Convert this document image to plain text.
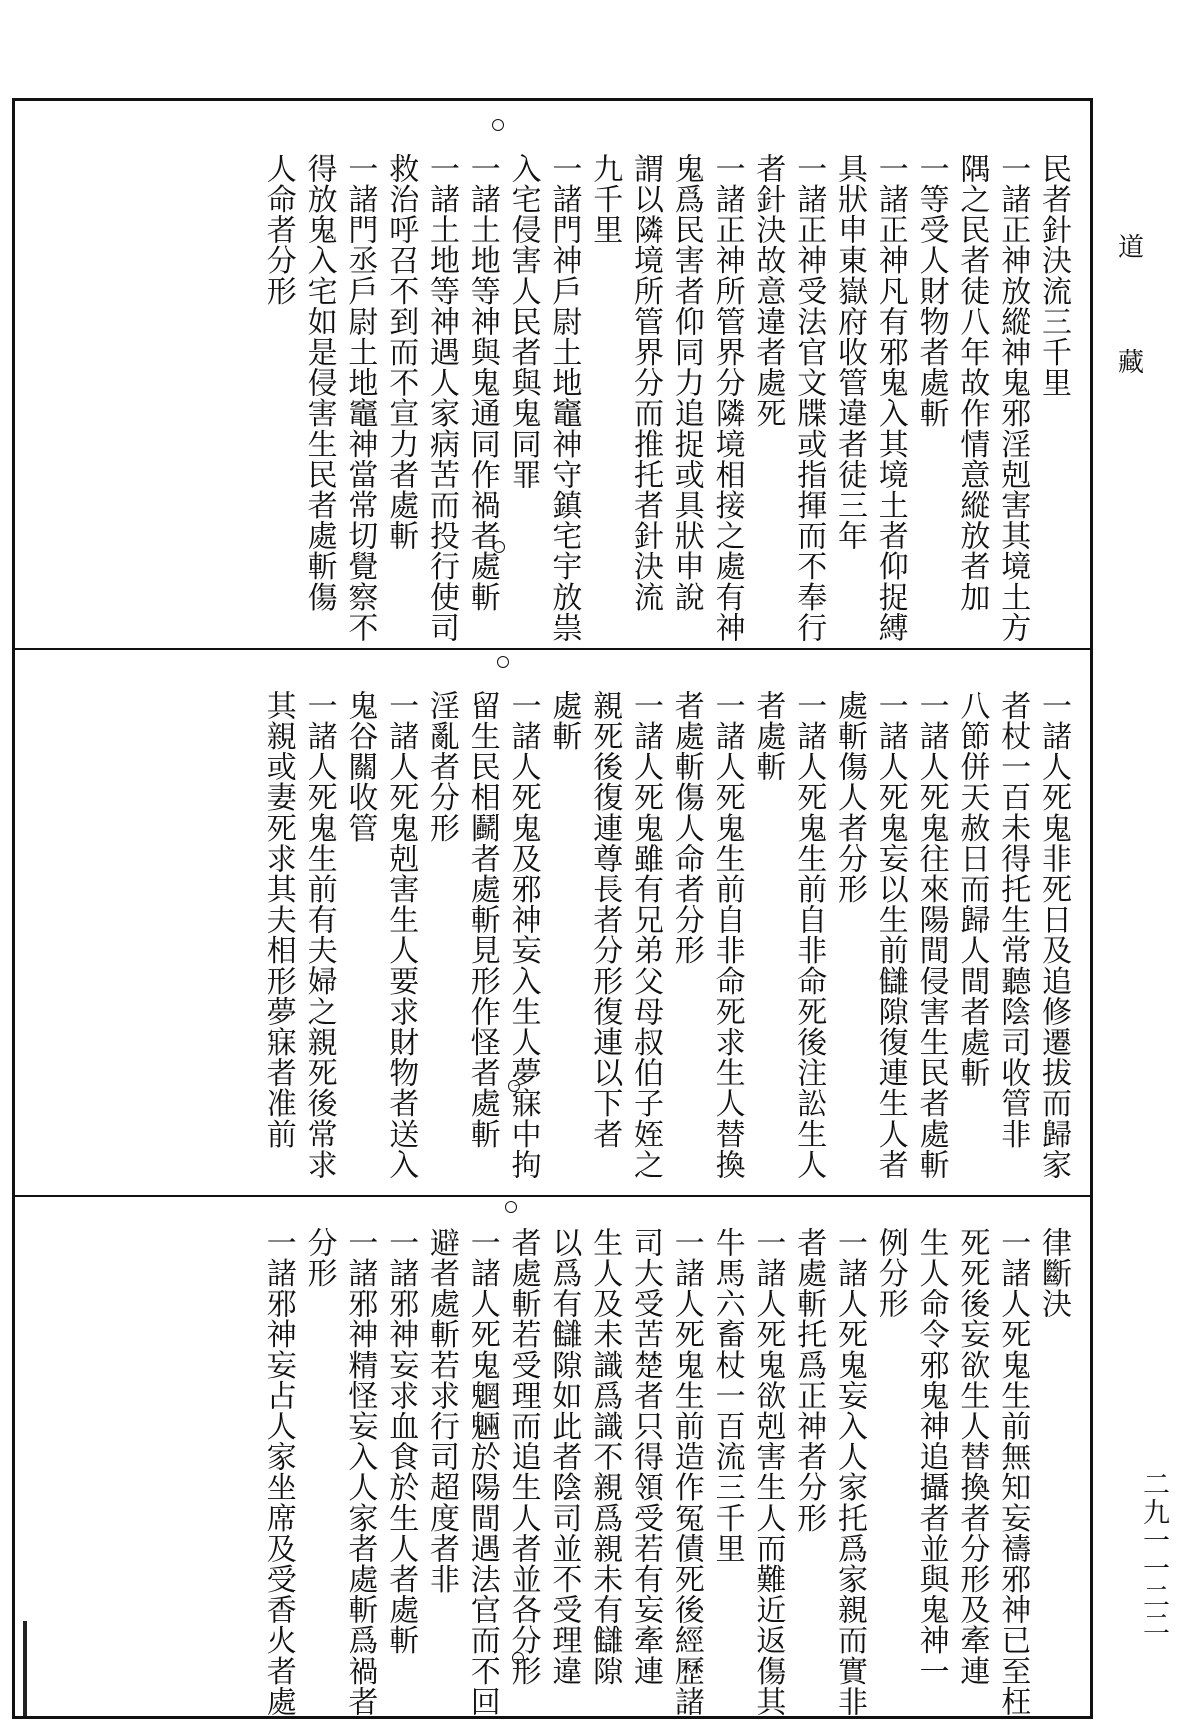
道
藏
二九一一二二
民者針決流三千里
一諸正神放縱神鬼邪淫剋害其境土方
隅之民者徒八年故作情意縱放者加
一等受人財物者處斬
一諸正神凡有邪鬼入其境土者仰捉縛
具狀申東嶽府收管違者徒三年
一諸正神受法官文牒或指揮而不奉行
者針決故意違者處死
一諸正神所管界分隣境相接之處有神
鬼爲民害者仰同力追捉或具狀申說
謂以隣境所管界分而推托者針決流
九千里
一諸門神戶尉土地竈神守鎮宅宇放祟
入宅侵害人民者與鬼同罪
一諸土地等神與鬼通同作禍者處斬
一諸土地等神遇人家病苦而投行使司
救治呼召不到而不宣力者處斬
一諸門丞戶尉土地竈神當常切覺察不
得放鬼入宅如是侵害生民者處斬傷
人命者分形
一諸人死鬼非死日及追修遷拔而歸家
者杖一百未得托生常聽陰司收管非
八節併天赦日而歸人間者處斬
一諸人死鬼往來陽間侵害生民者處斬
一諸人死鬼妄以生前讎隙復連生人者
處斬傷人者分形
一諸人死鬼生前自非命死後注訟生人
者處斬
一諸人死鬼生前自非命死求生人替換
者處斬傷人命者分形
一諸人死鬼雖有兄弟父母叔伯子姪之
親死後復連尊長者分形復連以下者
處斬
一諸人死鬼及邪神妄入生人夢寐中拘
留生民相鬬者處斬見形作怪者處斬
淫亂者分形
一諸人死鬼剋害生人要求財物者送入
鬼谷關收管
一諸人死鬼生前有夫婦之親死後常求
其親或妻死求其夫相形夢寐者准前
律斷決
一諸人死鬼生前無知妄禱邪神已至枉
死死後妄欲生人替換者分形及牽連
生人命令邪鬼神追攝者並與鬼神一
例分形
一諸人死鬼妄入人家托爲家親而實非
者處斬托爲正神者分形
一諸人死鬼欲剋害生人而難近返傷其
牛馬六畜杖一百流三千里
一諸人死鬼生前造作冤債死後經歷諸
司大受苦楚者只得領受若有妄牽連
生人及未識爲識不親爲親未有讎隙
以爲有讎隙如此者陰司並不受理違
者處斬若受理而追生人者並各分形
一諸人死鬼魍魎於陽間遇法官而不回
避者處斬若求行司超度者非
一諸邪神妄求血食於生人者處斬
一諸邪神精怪妄入人家者處斬爲禍者
分形
一諸邪神妄占人家坐席及受香火者處
